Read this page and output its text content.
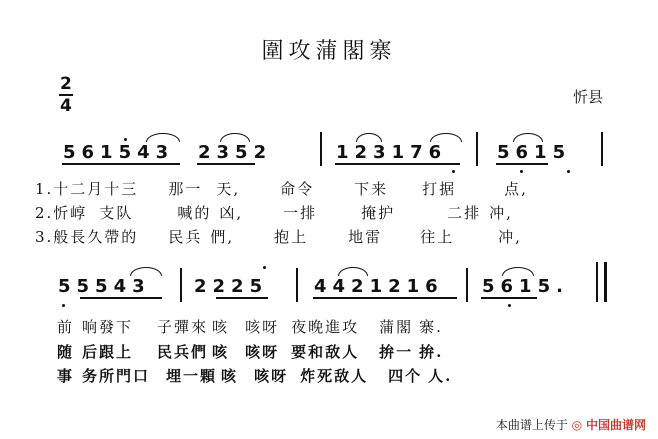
圍攻蒲閣寨
2
4	忻县
561543 2352	123176	5615
1.十二月十三 那一 天,	命令	下来 打据	点,
2.忻崞 支队	喊的 凶,	一排	掩护	二排 冲,
3.般長久帶的 民兵 們,	抱上	地雷	往上	冲,
55543 2225	4421216 5615.
前 响發下 子彈來 咳 咳呀 夜晚進攻 蒲閣 寨.
随 后跟上 民兵們 咳 咳呀 要和敌人 拚一 拚.
事 务所門口 埋一顆 咳 咳呀 炸死敌人 四个 人.
本曲谱上传于 ◎ 中国曲谱网
